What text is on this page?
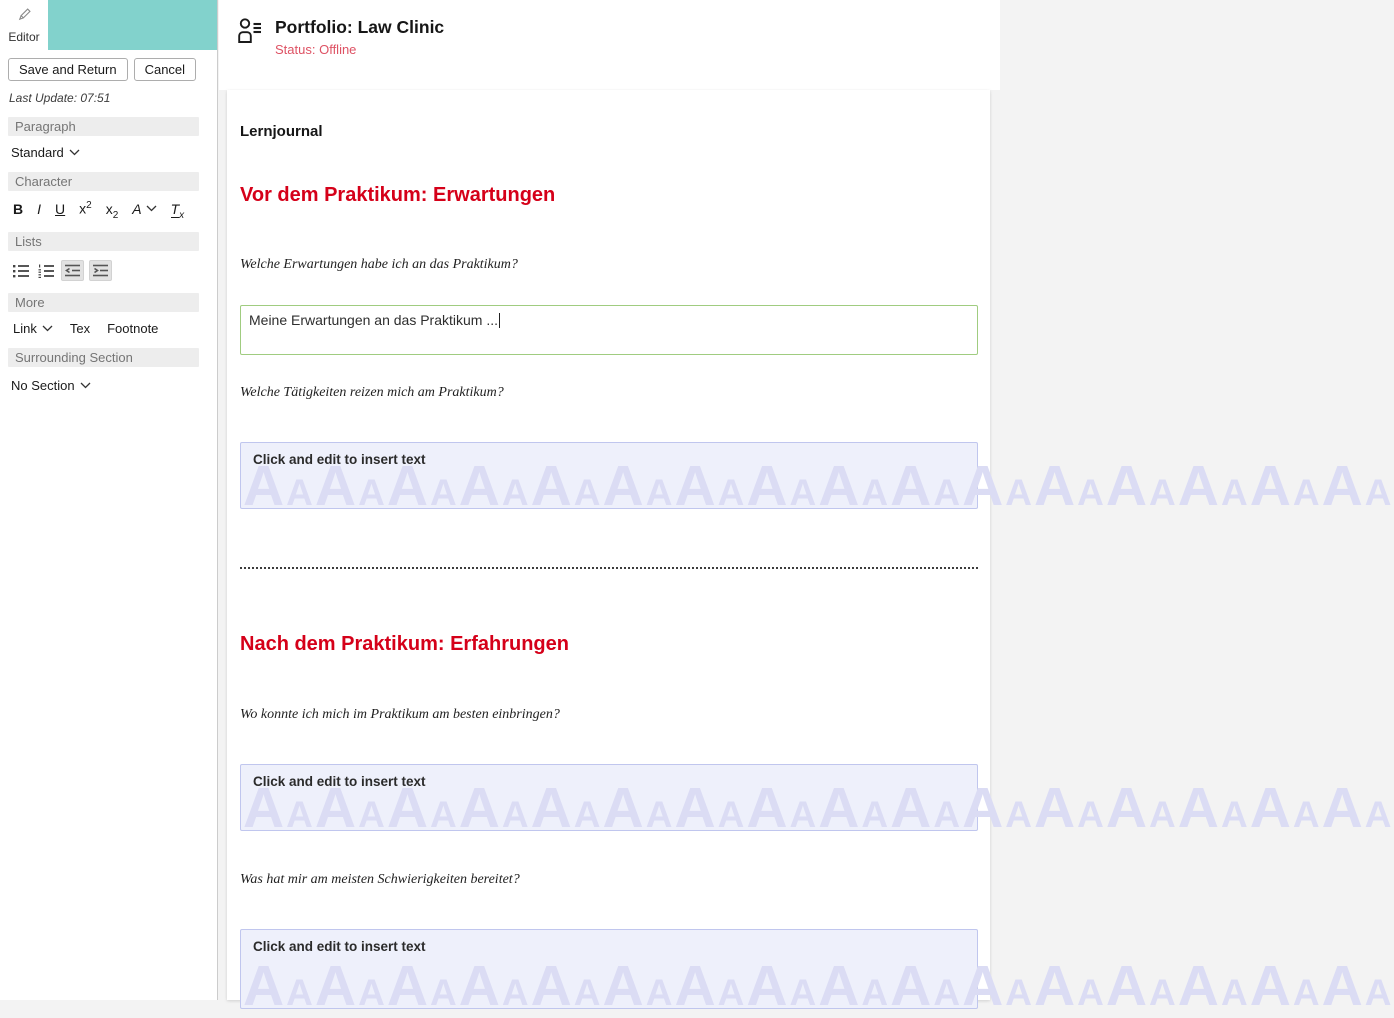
Editor
Save and Return	Cancel
Last Update: 07:51
Paragraph
Standard
Character
B I U $x^2$ $x_2$ A $T_x$
Lists
More
Link	Tex Footnote
Surrounding Section
No Section
Portfolio: Law Clinic
Status: Offline
Lernjournal
Vor dem Praktikum: Erwartungen
Welche Erwartungen habe ich an das Praktikum?
Meine Erwartungen an das Praktikum ...
Welche Tätigkeiten reizen mich am Praktikum?
Click and edit to insert text
AAAAAAAAAAAAAAAAAAAAAAAAAAAAAAAA
Nach dem Praktikum: Erfahrungen
Wo konnte ich mich im Praktikum am besten einbringen?
Click and edit to insert text
AAAAAAAAAAAAAAAAAAAAAAAAAAAAAAAA
Was hat mir am meisten Schwierigkeiten bereitet?
Click and edit to insert text
AAAAAAAAAAAAAAAAAAAAAAAAAAAAAAAA
